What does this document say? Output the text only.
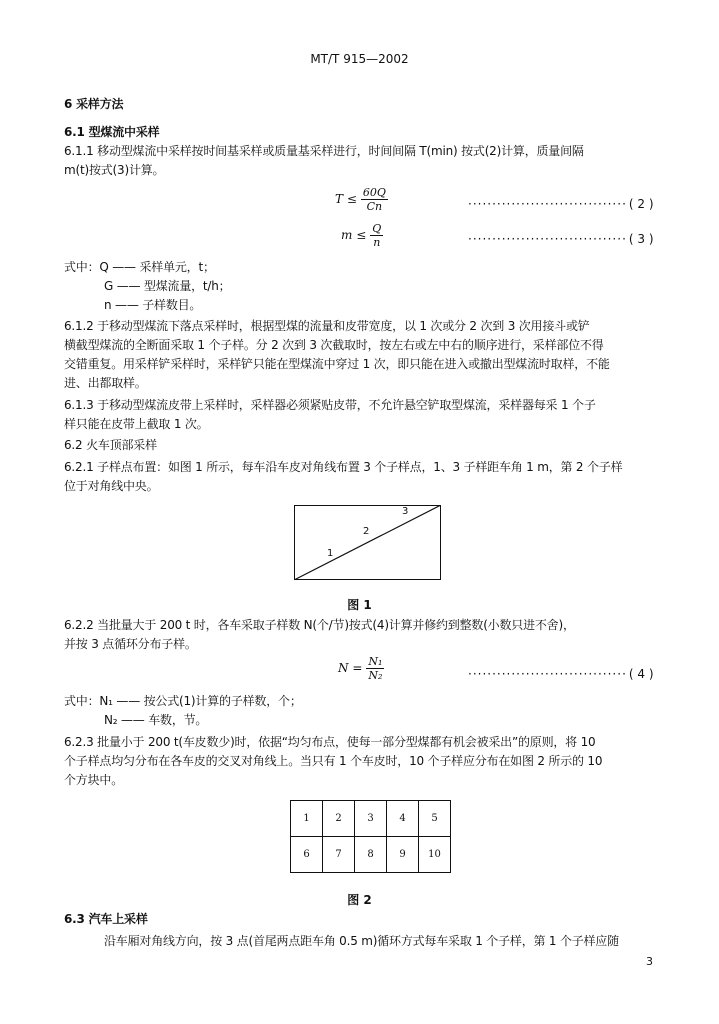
MT/T 915—2002
6 采样方法
6.1 型煤流中采样
6.1.1 移动型煤流中采样按时间基采样或质量基采样进行，时间间隔 T(min) 按式(2)计算，质量间隔
m(t)按式(3)计算。
$T \le \frac{60Q}{Cn}$	································· ( 2 )
$m \le \frac{Q}{n}$	································· ( 3 )
式中：Q —— 采样单元，t；
G —— 型煤流量，t/h；
n —— 子样数目。
6.1.2 于移动型煤流下落点采样时，根据型煤的流量和皮带宽度，以 1 次或分 2 次到 3 次用接斗或铲
横截型煤流的全断面采取 1 个子样。分 2 次到 3 次截取时，按左右或左中右的顺序进行，采样部位不得
交错重复。用采样铲采样时，采样铲只能在型煤流中穿过 1 次，即只能在进入或撤出型煤流时取样，不能
进、出都取样。
6.1.3 于移动型煤流皮带上采样时，采样器必须紧贴皮带，不允许悬空铲取型煤流，采样器每采 1 个子
样只能在皮带上截取 1 次。
6.2 火车顶部采样
6.2.1 子样点布置：如图 1 所示，每车沿车皮对角线布置 3 个子样点，1、3 子样距车角 1 m，第 2 个子样
位于对角线中央。
1
2
3
图 1
6.2.2 当批量大于 200 t 时，各车采取子样数 N(个/节)按式(4)计算并修约到整数(小数只进不舍)，
并按 3 点循环分布子样。
$N = \frac{\text{N₁}}{\text{N₂}}$	································· ( 4 )
式中：N₁ —— 按公式(1)计算的子样数，个；
N₂ —— 车数，节。
6.2.3 批量小于 200 t(车皮数少)时，依据“均匀布点，使每一部分型煤都有机会被采出”的原则，将 10
个子样点均匀分布在各车皮的交叉对角线上。当只有 1 个车皮时，10 个子样应分布在如图 2 所示的 10
个方块中。
1	2	3	4	5
6	7	8	9	10
图 2
6.3 汽车上采样
沿车厢对角线方向，按 3 点(首尾两点距车角 0.5 m)循环方式每车采取 1 个子样，第 1 个子样应随
3
